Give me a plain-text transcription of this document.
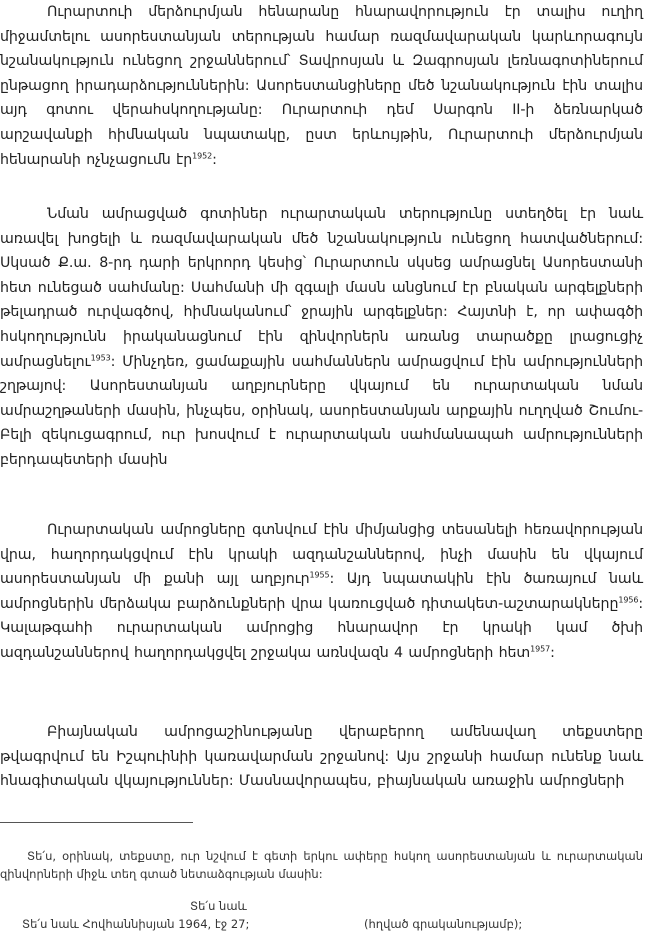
Ուրարտուի մերձուրմյան հենարանը հնարավորություն էր տալիս ուղիղ միջամտելու ասորեստանյան տերության համար ռազմավարական կարևորագույն նշանակություն ունեցող շրջաններում՝ Տավրոսյան և Զագրոսյան լեռնագոտիներում ընթացող իրադարձություններին: Ասորեստանցիները մեծ նշանակություն էին տալիս այդ գոտու վերահսկողությանը: Ուրարտուի դեմ Սարգոն II-ի ձեռնարկած արշավանքի հիմնական նպատակը, ըստ երևույթին, Ուրարտուի մերձուրմյան հենարանի ոչնչացումն էր$^{1952}$:

Նման ամրացված գոտիներ ուրարտական տերությունը ստեղծել էր նաև առավել խոցելի և ռազմավարական մեծ նշանակություն ունեցող հատվածներում: Սկսած Ք.ա. 8-րդ դարի երկրորդ կեսից՝ Ուրարտուն սկսեց ամրացնել Ասորեստանի հետ ունեցած սահմանը: Սահմանի մի զգալի մասն անցնում էր բնական արգելքների թելադրած ուրվագծով, հիմնականում՝ ջրային արգելքներ: Հայտնի է, որ ափագծի հսկողությունն իրականացնում էին զինվորներն առանց տարածքը լրացուցիչ ամրացնելու$^{1953}$: Մինչդեռ, ցամաքային սահմաններն ամրացվում էին ամրությունների շղթայով: Ասորեստանյան աղբյուրները վկայում են ուրարտական նման ամրաշղթաների մասին, ինչպես, օրինակ, ասորեստանյան արքային ուղղված Շումու-Բելի զեկուցագրում, ուր խոսվում է ուրարտական սահմանապահ ամրությունների բերդապետերի մասին

Ուրարտական ամրոցները գտնվում էին միմյանցից տեսանելի հեռավորության վրա, հաղորդակցվում էին կրակի ազդանշաններով, ինչի մասին են վկայում ասորեստանյան մի քանի այլ աղբյուր$^{1955}$: Այդ նպատակին էին ծառայում նաև ամրոցներին մերձակա բարձունքների վրա կառուցված դիտակետ-աշտարակները$^{1956}$: Կալաթգահի ուրարտական ամրոցից հնարավոր էր կրակի կամ ծխի ազդանշաններով հաղորդակցվել շրջակա առնվազն 4 ամրոցների հետ$^{1957}$:

Բիայնական ամրոցաշինությանը վերաբերող ամենավաղ տեքստերը թվագրվում են Իշպուինիի կառավարման շրջանով: Այս շրջանի համար ունենք նաև հնագիտական վկայություններ: Մասնավորապես, բիայնական առաջին ամրոցների

Տե՛ս, օրինակ, տեքստը, ուր նշվում է գետի երկու ափերը հսկող ասորեստանյան և ուրարտական զինվորների միջև տեղ գտած նետաձգության մասին:

Տե՛ս նաև

Տե՛ս նաև Հովհաննիսյան 1964, էջ 27;	(hղված գրականությամբ);
